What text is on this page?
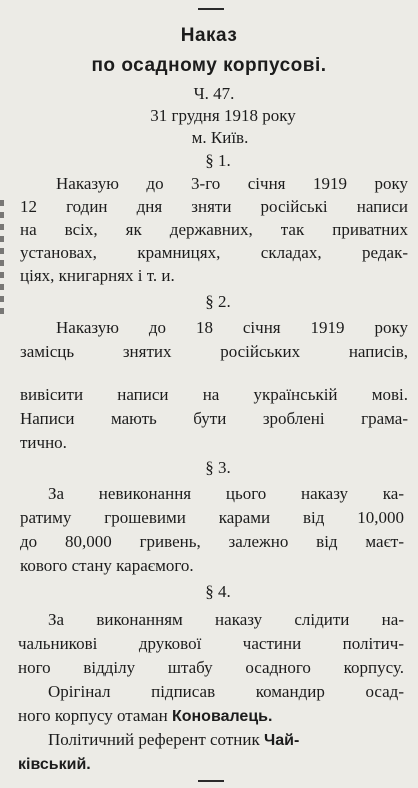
Наказ
по осадному корпусові.
Ч. 47.
31 грудня 1918 року
м. Київ.
§ 1.
Наказую до 3-го січня 1919 року
12 годин дня зняти російські написи
на всіх, як державних, так приватних
установах, крамницях, складах, редак-
ціях, книгарнях і т. и.
§ 2.
Наказую до 18 січня 1919 року
замісць знятих російських написів,
вивісити написи на українській мові.
Написи мають бути зроблені грама-
тично.
§ 3.
За невиконання цього наказу ка-
ратиму грошевими карами від 10,000
до 80,000 гривень, залежно від маєт-
кового стану караємого.
§ 4.
За виконанням наказу слідити на-
чальникові друкової частини політич-
ного відділу штабу осадного корпусу.
Орігінал підписав командир осад-
ного корпусу отаман Коновалець.
Політичний референт сотник Чай-
ківський.
